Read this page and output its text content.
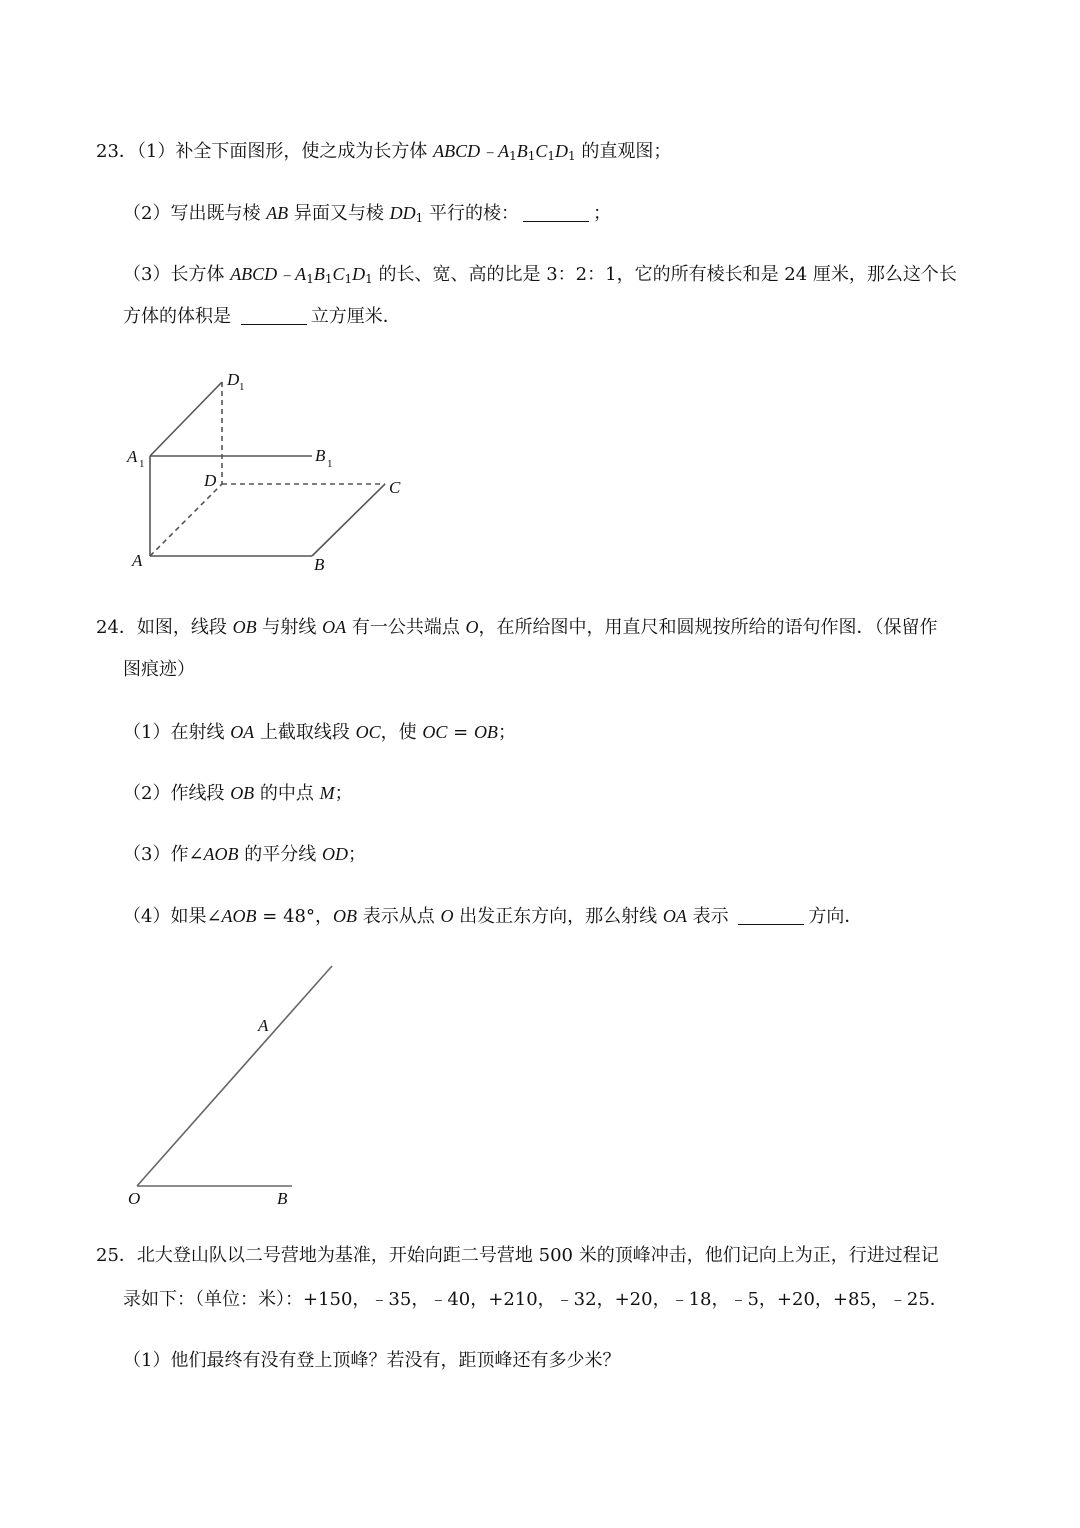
23．（1）补全下面图形，使之成为长方体 $ABCD﹣A_1B_1C_1D_1$ 的直观图；
（2）写出既与棱 AB 异面又与棱 $DD_1$ 平行的棱：	；
（3）长方体 $ABCD﹣A_1B_1C_1D_1$ 的长、宽、高的比是 3：2：1，它的所有棱长和是 24 厘米，那么这个长
方体的体积是	立方厘米．
D 1
A 1	B 1
D	C
A	B
A
O	B
24．如图，线段 OB 与射线 OA 有一公共端点 O，在所给图中，用直尺和圆规按所给的语句作图．（保留作
图痕迹）
（1）在射线 OA 上截取线段 OC，使 OC = OB；
（2）作线段 OB 的中点 M；
（3）作∠AOB 的平分线 OD；
（4）如果∠AOB = 48°，OB 表示从点 O 出发正东方向，那么射线 OA 表示	方向．
25．北大登山队以二号营地为基准，开始向距二号营地 500 米的顶峰冲击，他们记向上为正，行进过程记
录如下：（单位：米）：+150，﹣35，﹣40，+210，﹣32，+20，﹣18，﹣5，+20，+85，﹣25．
（1）他们最终有没有登上顶峰？若没有，距顶峰还有多少米？
